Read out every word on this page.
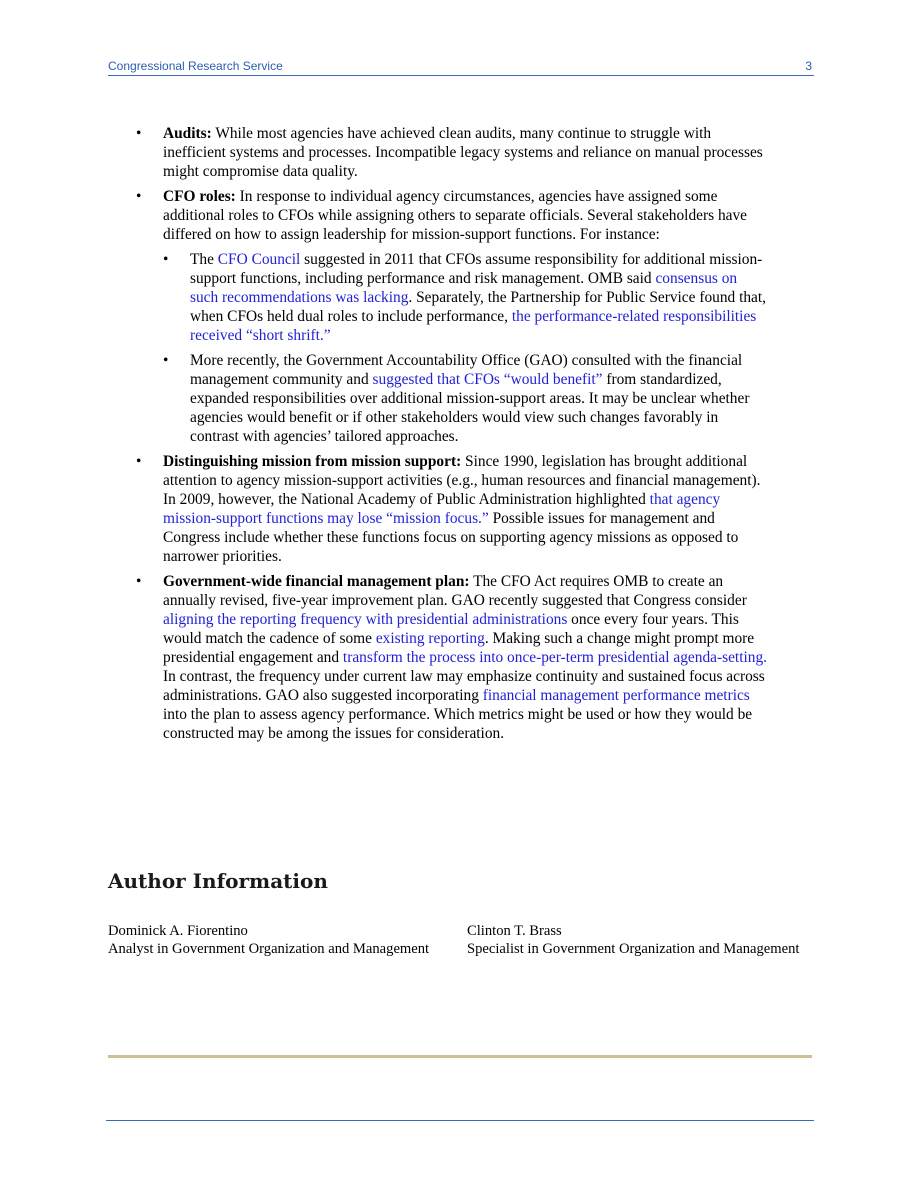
Congressional Research Service	3
• Audits: While most agencies have achieved clean audits, many continue to struggle with inefficient systems and processes. Incompatible legacy systems and reliance on manual processes might compromise data quality.
• CFO roles: In response to individual agency circumstances, agencies have assigned some additional roles to CFOs while assigning others to separate officials. Several stakeholders have differed on how to assign leadership for mission-support functions. For instance:
• The CFO Council suggested in 2011 that CFOs assume responsibility for additional mission-support functions, including performance and risk management. OMB said consensus on such recommendations was lacking. Separately, the Partnership for Public Service found that, when CFOs held dual roles to include performance, the performance-related responsibilities received “short shrift.”
• More recently, the Government Accountability Office (GAO) consulted with the financial management community and suggested that CFOs “would benefit” from standardized, expanded responsibilities over additional mission-support areas. It may be unclear whether agencies would benefit or if other stakeholders would view such changes favorably in contrast with agencies’ tailored approaches.
• Distinguishing mission from mission support: Since 1990, legislation has brought additional attention to agency mission-support activities (e.g., human resources and financial management). In 2009, however, the National Academy of Public Administration highlighted that agency mission-support functions may lose “mission focus.” Possible issues for management and Congress include whether these functions focus on supporting agency missions as opposed to narrower priorities.
• Government-wide financial management plan: The CFO Act requires OMB to create an annually revised, five-year improvement plan. GAO recently suggested that Congress consider aligning the reporting frequency with presidential administrations once every four years. This would match the cadence of some existing reporting. Making such a change might prompt more presidential engagement and transform the process into once-per-term presidential agenda-setting. In contrast, the frequency under current law may emphasize continuity and sustained focus across administrations. GAO also suggested incorporating financial management performance metrics into the plan to assess agency performance. Which metrics might be used or how they would be constructed may be among the issues for consideration.
Author Information
Dominick A. Fiorentino
Analyst in Government Organization and Management
Clinton T. Brass
Specialist in Government Organization and Management
